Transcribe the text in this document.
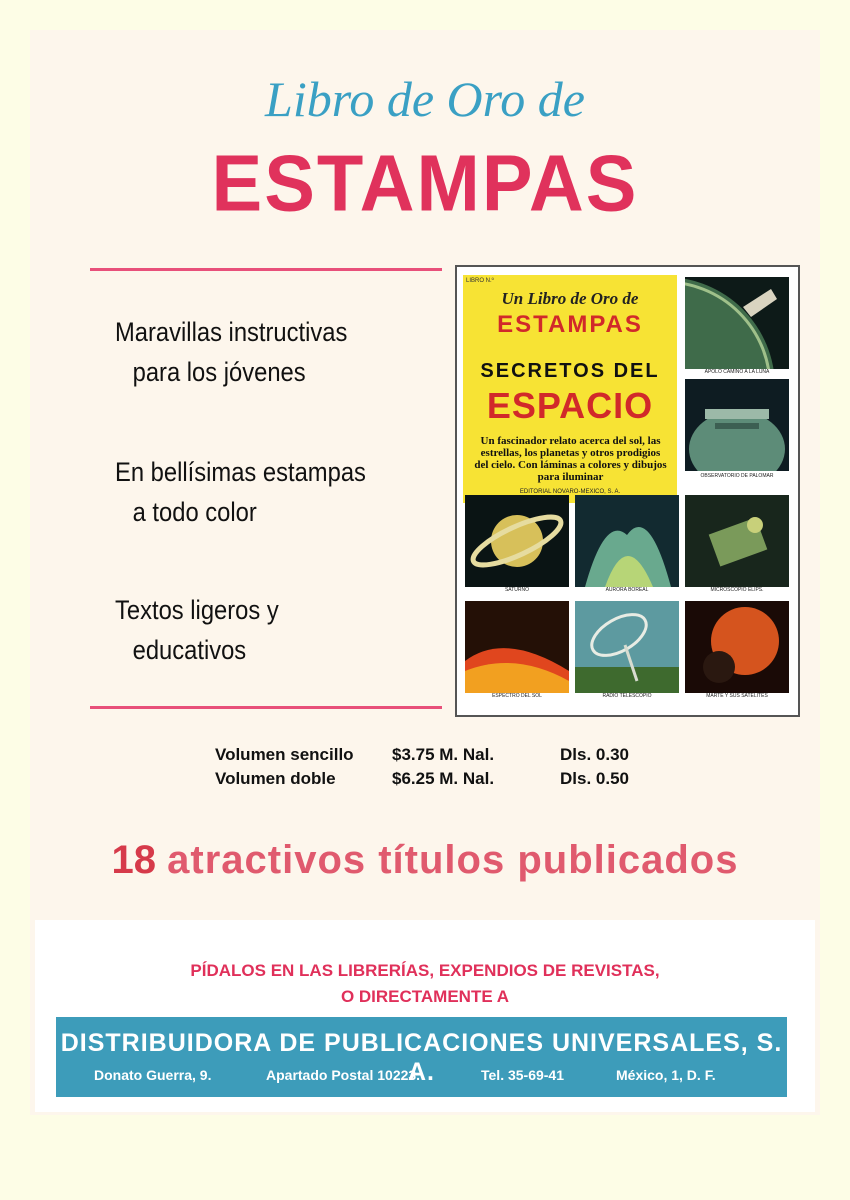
Libro de Oro de
ESTAMPAS
Maravillas instructivas
para los jóvenes
En bellísimas estampas
a todo color
Textos ligeros y
educativos
LIBRO N.º
Un Libro de Oro de
ESTAMPAS
SECRETOS DEL
ESPACIO
Un fascinador relato acerca del sol, las estrellas, los planetas y otros prodigios del cielo. Con láminas a colores y dibujos para iluminar
EDITORIAL NOVARO-MEXICO, S. A.
APOLO CAMINO A LA LUNA
OBSERVATORIO DE PALOMAR
SATURNO	AURORA BOREAL	MICROSCOPIO ELIPS.
ESPECTRO DEL SOL	RADIO TELESCOPIO	MARTE Y SUS SATELITES
Volumen sencillo $3.75 M. Nal.	Dls. 0.30
Volumen doble	$6.25 M. Nal.	Dls. 0.50
18 atractivos títulos publicados
PÍDALOS EN LAS LIBRERÍAS, EXPENDIOS DE REVISTAS,
O DIRECTAMENTE A
DISTRIBUIDORA DE PUBLICACIONES UNIVERSALES, S. A.
Donato Guerra, 9.	Apartado Postal 10223.	Tel. 35-69-41	México, 1, D. F.
